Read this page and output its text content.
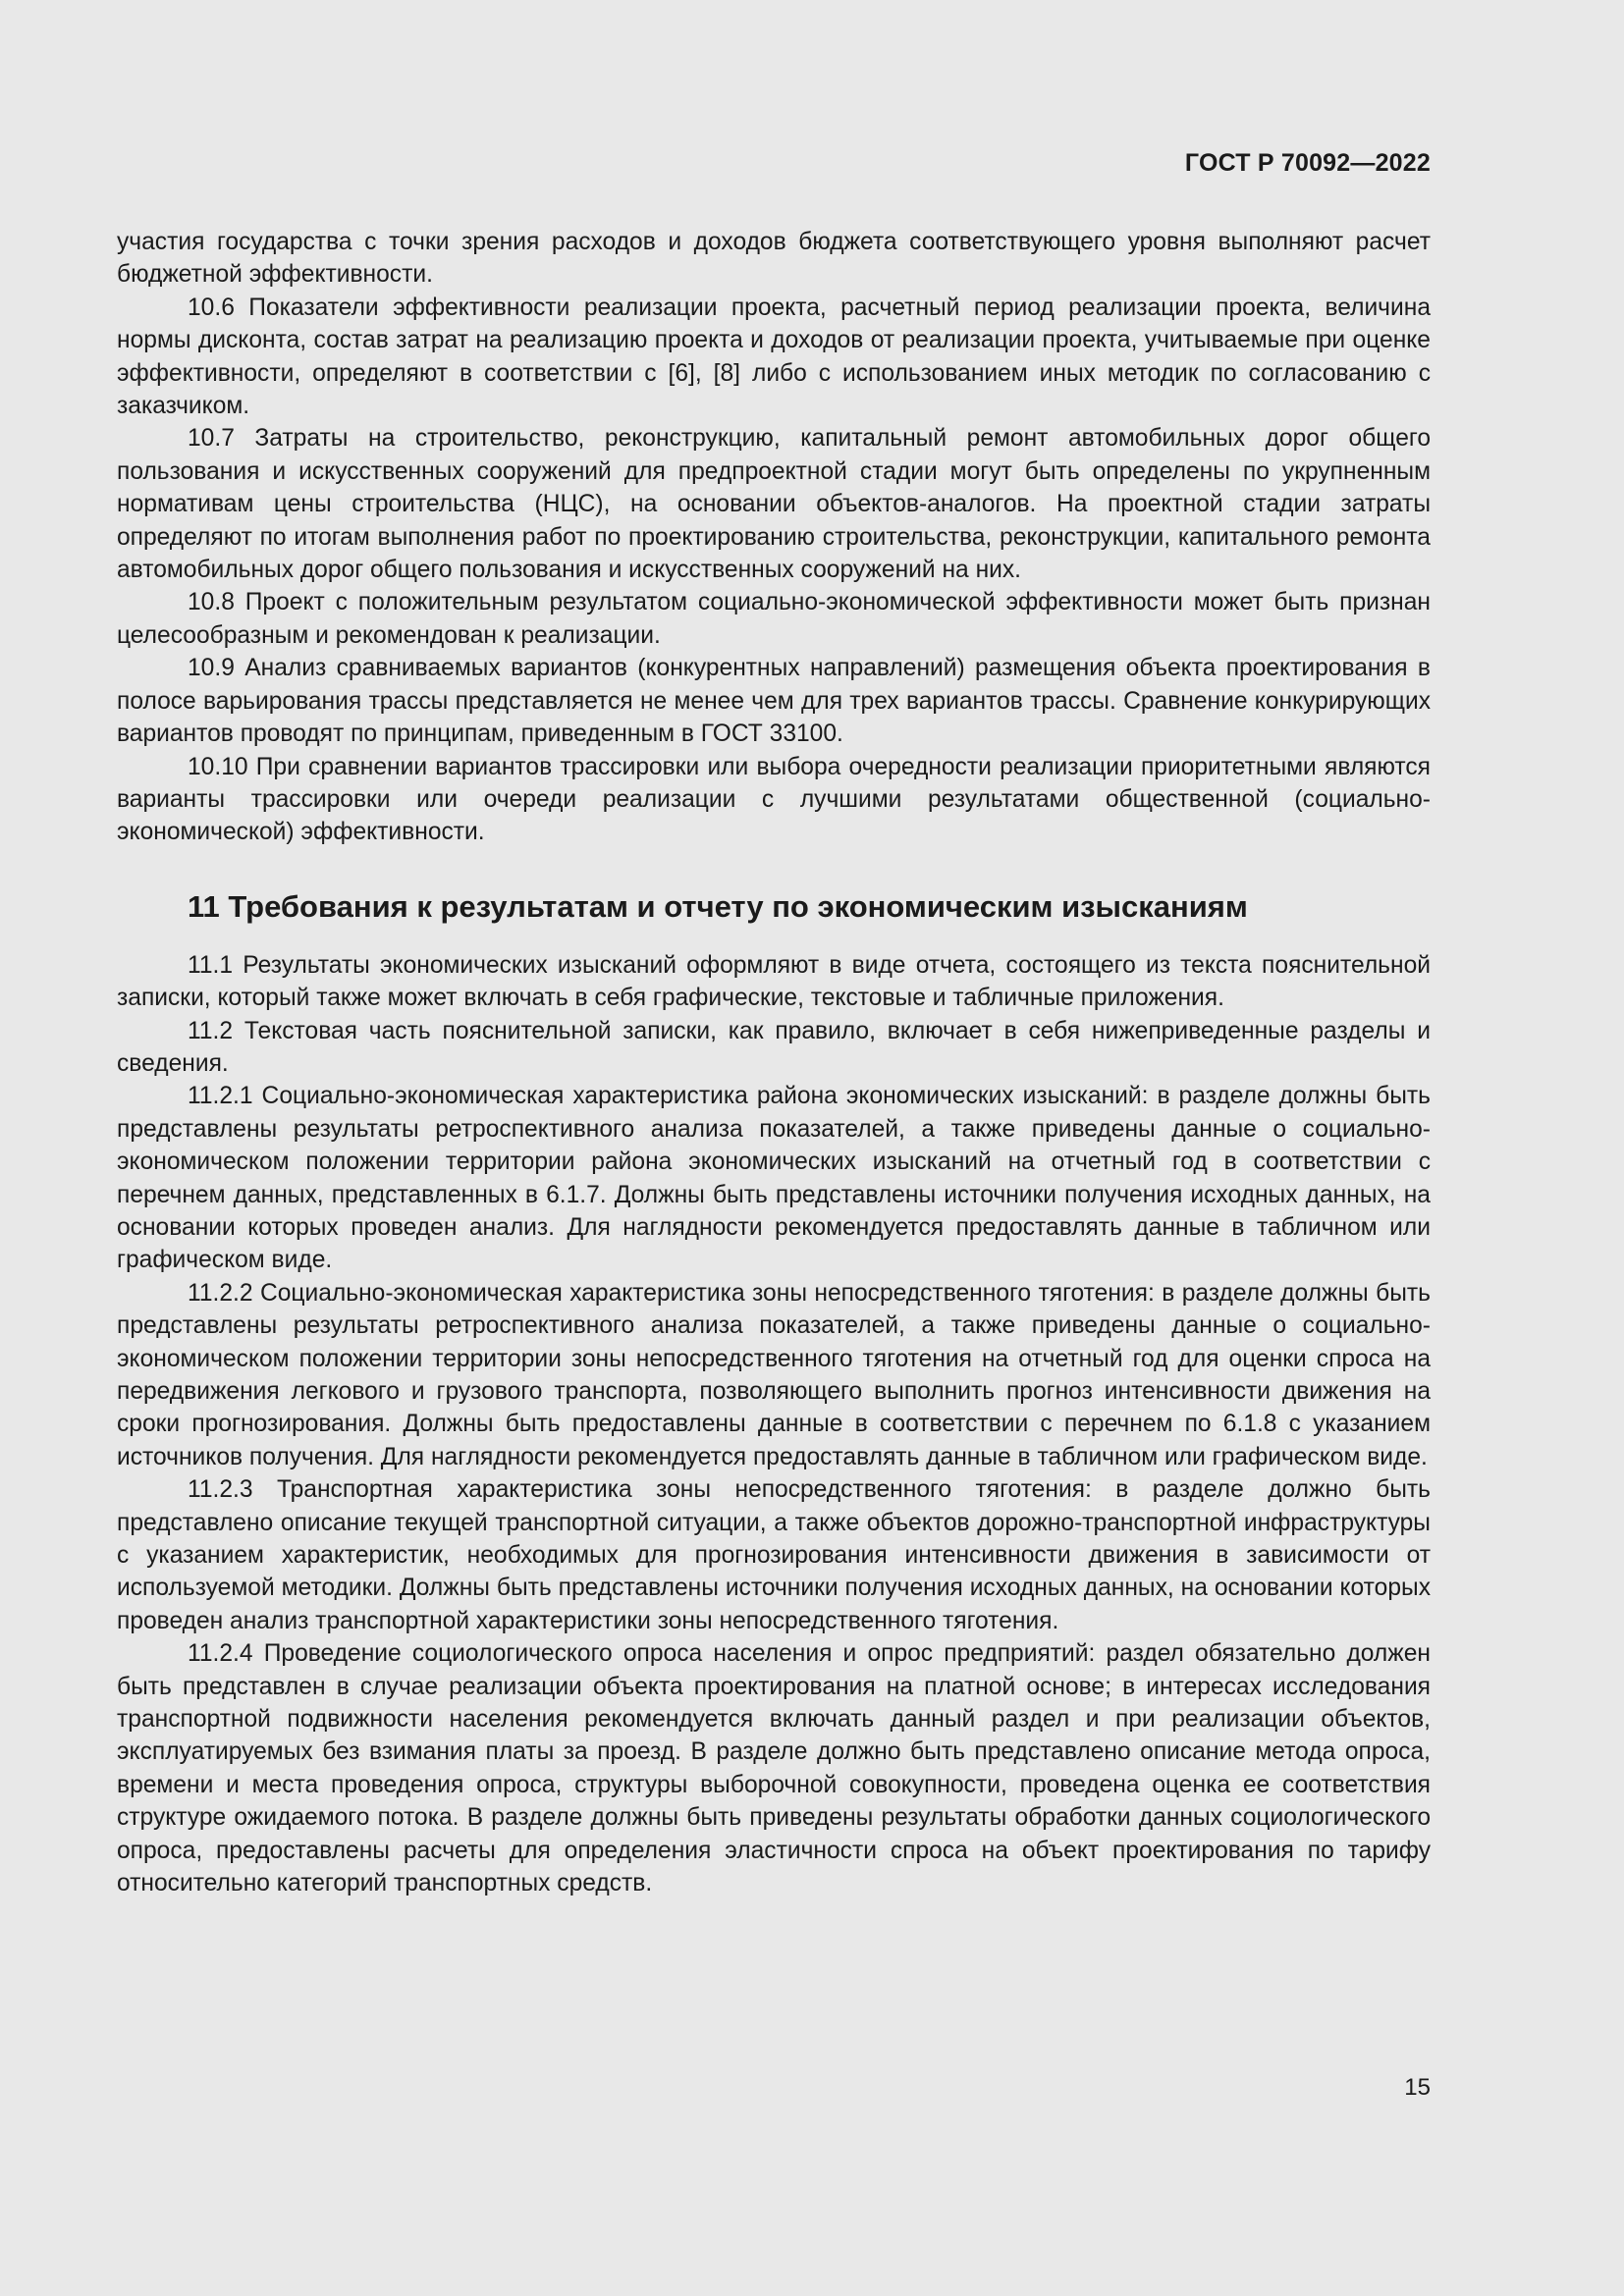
ГОСТ Р 70092—2022

участия государства с точки зрения расходов и доходов бюджета соответствующего уровня выполняют расчет бюджетной эффективности.

10.6 Показатели эффективности реализации проекта, расчетный период реализации проекта, величина нормы дисконта, состав затрат на реализацию проекта и доходов от реализации проекта, учитываемые при оценке эффективности, определяют в соответствии с [6], [8] либо с использованием иных методик по согласованию с заказчиком.

10.7 Затраты на строительство, реконструкцию, капитальный ремонт автомобильных дорог общего пользования и искусственных сооружений для предпроектной стадии могут быть определены по укрупненным нормативам цены строительства (НЦС), на основании объектов-аналогов. На проектной стадии затраты определяют по итогам выполнения работ по проектированию строительства, реконструкции, капитального ремонта автомобильных дорог общего пользования и искусственных сооружений на них.

10.8 Проект с положительным результатом социально-экономической эффективности может быть признан целесообразным и рекомендован к реализации.

10.9 Анализ сравниваемых вариантов (конкурентных направлений) размещения объекта проектирования в полосе варьирования трассы представляется не менее чем для трех вариантов трассы. Сравнение конкурирующих вариантов проводят по принципам, приведенным в ГОСТ 33100.

10.10 При сравнении вариантов трассировки или выбора очередности реализации приоритетными являются варианты трассировки или очереди реализации с лучшими результатами общественной (социально-экономической) эффективности.

11 Требования к результатам и отчету по экономическим изысканиям

11.1 Результаты экономических изысканий оформляют в виде отчета, состоящего из текста пояснительной записки, который также может включать в себя графические, текстовые и табличные приложения.

11.2 Текстовая часть пояснительной записки, как правило, включает в себя нижеприведенные разделы и сведения.

11.2.1 Социально-экономическая характеристика района экономических изысканий: в разделе должны быть представлены результаты ретроспективного анализа показателей, а также приведены данные о социально-экономическом положении территории района экономических изысканий на отчетный год в соответствии с перечнем данных, представленных в 6.1.7. Должны быть представлены источники получения исходных данных, на основании которых проведен анализ. Для наглядности рекомендуется предоставлять данные в табличном или графическом виде.

11.2.2 Социально-экономическая характеристика зоны непосредственного тяготения: в разделе должны быть представлены результаты ретроспективного анализа показателей, а также приведены данные о социально-экономическом положении территории зоны непосредственного тяготения на отчетный год для оценки спроса на передвижения легкового и грузового транспорта, позволяющего выполнить прогноз интенсивности движения на сроки прогнозирования. Должны быть предоставлены данные в соответствии с перечнем по 6.1.8 с указанием источников получения. Для наглядности рекомендуется предоставлять данные в табличном или графическом виде.

11.2.3 Транспортная характеристика зоны непосредственного тяготения: в разделе должно быть представлено описание текущей транспортной ситуации, а также объектов дорожно-транспортной инфраструктуры с указанием характеристик, необходимых для прогнозирования интенсивности движения в зависимости от используемой методики. Должны быть представлены источники получения исходных данных, на основании которых проведен анализ транспортной характеристики зоны непосредственного тяготения.

11.2.4 Проведение социологического опроса населения и опрос предприятий: раздел обязательно должен быть представлен в случае реализации объекта проектирования на платной основе; в интересах исследования транспортной подвижности населения рекомендуется включать данный раздел и при реализации объектов, эксплуатируемых без взимания платы за проезд. В разделе должно быть представлено описание метода опроса, времени и места проведения опроса, структуры выборочной совокупности, проведена оценка ее соответствия структуре ожидаемого потока. В разделе должны быть приведены результаты обработки данных социологического опроса, предоставлены расчеты для определения эластичности спроса на объект проектирования по тарифу относительно категорий транспортных средств.

15
